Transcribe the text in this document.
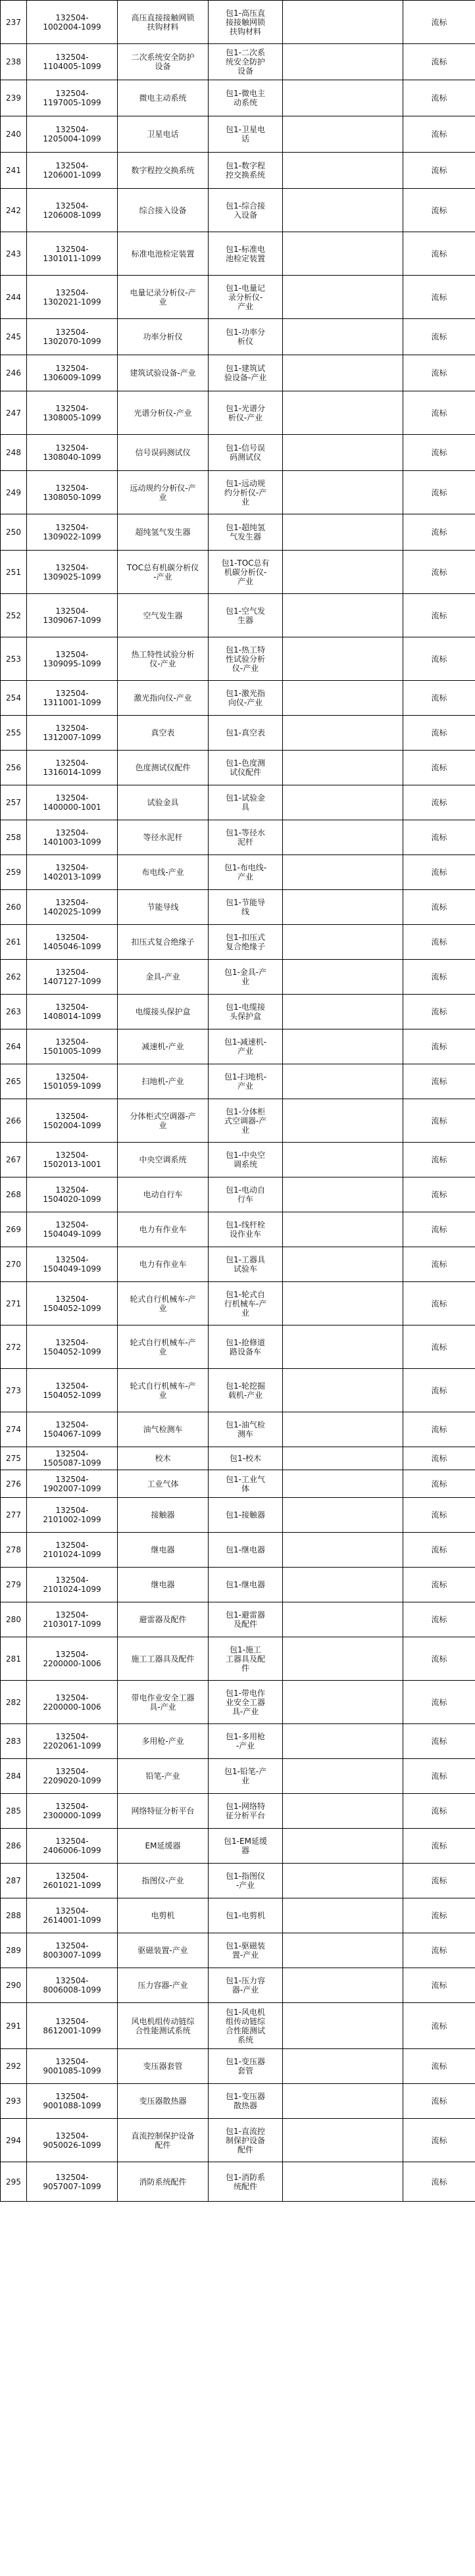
237	132504-
1002004-1099	高压直接接触网锁
扶钩材料	包1-高压直
接接触网锁
扶钩材料		流标
238	132504-
1104005-1099	二次系统安全防护
设备	包1-二次系
统安全防护
设备		流标
239	132504-
1197005-1099	微电主动系统	包1-微电主
动系统		流标
240	132504-
1205004-1099	卫星电话	包1-卫星电
话		流标
241	132504-
1206001-1099	数字程控交换系统	包1-数字程
控交换系统		流标
242	132504-
1206008-1099	综合接入设备	包1-综合接
入设备		流标
243	132504-
1301011-1099	标准电池检定装置	包1-标准电
池检定装置		流标
244	132504-
1302021-1099	电量记录分析仪-产
业	包1-电量记
录分析仪-
产业		流标
245	132504-
1302070-1099	功率分析仪	包1-功率分
析仪		流标
246	132504-
1306009-1099	建筑试验设备-产业	包1-建筑试
验设备-产业		流标
247	132504-
1308005-1099	光谱分析仪-产业	包1-光谱分
析仪-产业		流标
248	132504-
1308040-1099	信号误码测试仪	包1-信号误
码测试仪		流标
249	132504-
1308050-1099	远动规约分析仪-产
业	包1-远动规
约分析仪-产
业		流标
250	132504-
1309022-1099	超纯氢气发生器	包1-超纯氢
气发生器		流标
251	132504-
1309025-1099	TOC总有机碳分析仪
-产业	包1-TOC总有
机碳分析仪-
产业		流标
252	132504-
1309067-1099	空气发生器	包1-空气发
生器		流标
253	132504-
1309095-1099	热工特性试验分析
仪-产业	包1-热工特
性试验分析
仪-产业		流标
254	132504-
1311001-1099	激光指向仪-产业	包1-激光指
向仪-产业		流标
255	132504-
1312007-1099	真空表	包1-真空表		流标
256	132504-
1316014-1099	色度测试仪配件	包1-色度测
试仪配件		流标
257	132504-
1400000-1001	试验金具	包1-试验金
具		流标
258	132504-
1401003-1099	等径水泥杆	包1-等径水
泥杆		流标
259	132504-
1402013-1099	布电线-产业	包1-布电线-
产业		流标
260	132504-
1402025-1099	节能导线	包1-节能导
线		流标
261	132504-
1405046-1099	扣压式复合绝缘子	包1-扣压式
复合绝缘子		流标
262	132504-
1407127-1099	金具-产业	包1-金具-产
业		流标
263	132504-
1408014-1099	电缆接头保护盒	包1-电缆接
头保护盒		流标
264	132504-
1501005-1099	减速机-产业	包1-减速机-
产业		流标
265	132504-
1501059-1099	扫地机-产业	包1-扫地机-
产业		流标
266	132504-
1502004-1099	分体柜式空调器-产
业	包1-分体柜
式空调器-产
业		流标
267	132504-
1502013-1001	中央空调系统	包1-中央空
调系统		流标
268	132504-
1504020-1099	电动自行车	包1-电动自
行车		流标
269	132504-
1504049-1099	电力有作业车	包1-线杆栓
设作业车		流标
270	132504-
1504049-1099	电力有作业车	包1-工器具
试验车		流标
271	132504-
1504052-1099	轮式自行机械车-产
业	包1-轮式自
行机械车-产
业		流标
272	132504-
1504052-1099	轮式自行机械车-产
业	包1-抢修道
路设备车		流标
273	132504-
1504052-1099	轮式自行机械车-产
业	包1-轮挖掘
载机-产业		流标
274	132504-
1504067-1099	油气检测车	包1-油气检
测车		流标
275	132504-
1505087-1099	校木	包1-校木		流标
276	132504-
1902007-1099	工业气体	包1-工业气
体		流标
277	132504-
2101002-1099	接触器	包1-接触器		流标
278	132504-
2101024-1099	继电器	包1-继电器		流标
279	132504-
2101024-1099	继电器	包1-继电器		流标
280	132504-
2103017-1099	避雷器及配件	包1-避雷器
及配件		流标
281	132504-
2200000-1006	施工工器具及配件	包1-施工
工器具及配
件		流标
282	132504-
2200000-1006	带电作业安全工器
具-产业	包1-带电作
业安全工器
具-产业		流标
283	132504-
2202061-1099	多用枪-产业	包1-多用枪
-产业		流标
284	132504-
2209020-1099	铅笔-产业	包1-铅笔-产
业		流标
285	132504-
2300000-1099	网络特征分析平台	包1-网络特
征分析平台		流标
286	132504-
2406006-1099	EM延缓器	包1-EM延缓
器		流标
287	132504-
2601021-1099	指图仪-产业	包1-指图仪
-产业		流标
288	132504-
2614001-1099	电剪机	包1-电剪机		流标
289	132504-
8003007-1099	驱磁装置-产业	包1-驱磁装
置-产业		流标
290	132504-
8006008-1099	压力容器-产业	包1-压力容
器-产业		流标
291	132504-
8612001-1099	风电机组传动链综
合性能测试系统	包1-风电机
组传动链综
合性能测试
系统		流标
292	132504-
9001085-1099	变压器套管	包1-变压器
套管		流标
293	132504-
9001088-1099	变压器散热器	包1-变压器
散热器		流标
294	132504-
9050026-1099	直流控制保护设备
配件	包1-直流控
制保护设备
配件		流标
295	132504-
9057007-1099	消防系统配件	包1-消防系
统配件		流标
